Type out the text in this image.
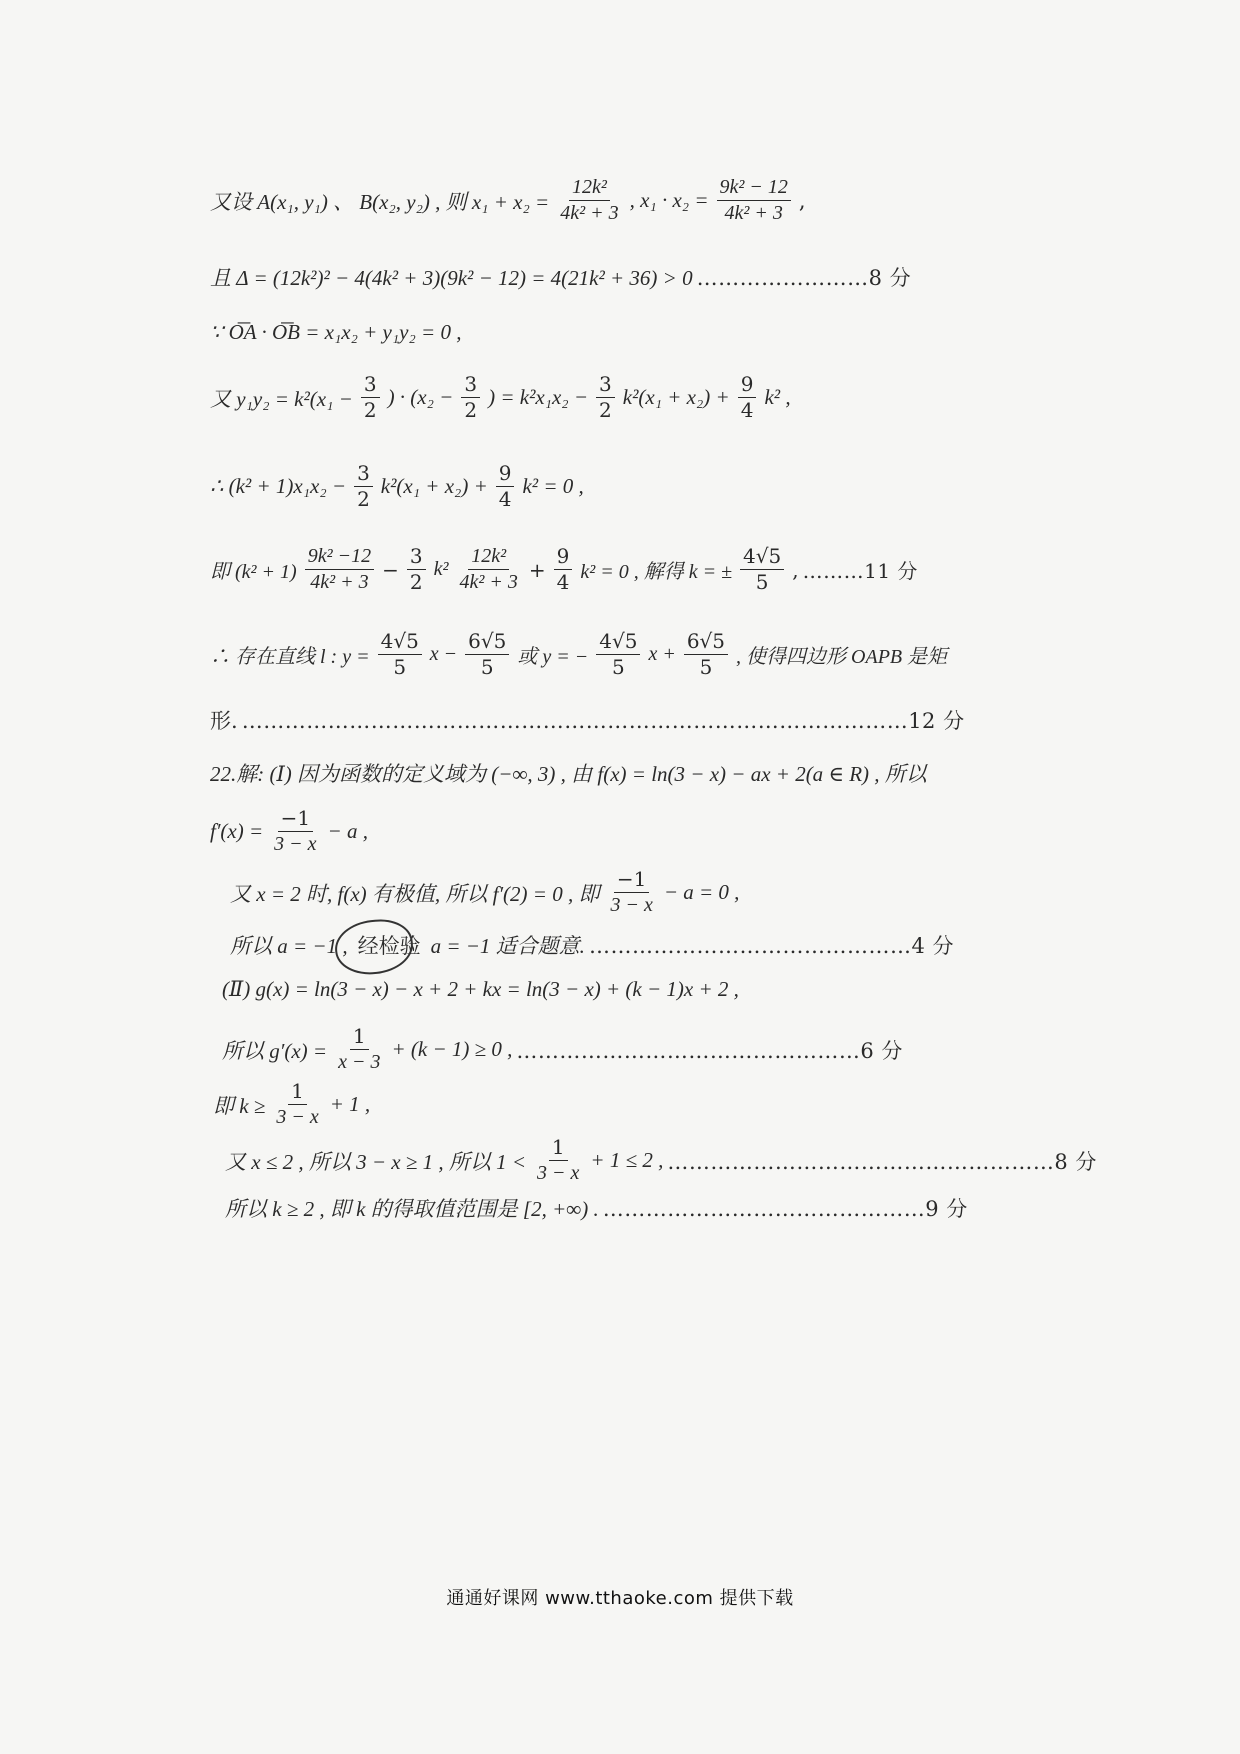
又设 A(x₁, y₁) 、 B(x₂, y₂) , 则 $x_1 + x_2 = \frac{\text{12k²}}{\text{4k² + 3}}$ , $x_1 \cdot x_2 = \frac{\text{9k² − 12}}{\text{4k² + 3}}$ ,
且 Δ = (12k²)² − 4(4k² + 3)(9k² − 12) = 4(21k² + 36) > 0 ……………………8 分
∵ O͞A · O͞B = x₁x₂ + y₁y₂ = 0 ,
又 $y_1y_2 = k^2(x_1 - \frac{3}{2}$ ) · ($x_2 - \frac{3}{2}$ ) = $k^2x_1x_2 - \frac{3}{2} k^2(x_1 + x_2) + \frac{9}{4} k^2$ ,
∴ $(k^2 + 1)x_1x_2 - \frac{3}{2} k^2(x_1 + x_2) + \frac{9}{4} k^2 = 0$ ,
即 $(k^2 + 1) \frac{\text{9k² −12}}{\text{4k² + 3}} - \frac{3}{2} k^2 \frac{\text{12k²}}{\text{4k² + 3}} + \frac{9}{4} k^2 = 0$ , 解得 k = ± $\frac{4√5}{5}$ , ………11 分
∴ 存在直线 l : $y = \frac{4√5}{5}$ $x - \frac{6√5}{5}$ 或 y = − $\frac{4√5}{5}$ $x + \frac{6√5}{5}$ , 使得四边形 OAPB 是矩
形. …………………………………………………………………………………12 分
22.解: (Ⅰ) 因为函数的定义域为 (−∞, 3) , 由 f(x) = ln(3 − x) − ax + 2(a ∈ R) , 所以
$f'(x) = \frac{-1}{3 - x} - a$ ,
又 x = 2 时, f(x) 有极值, 所以 f′(2) = 0 , 即 $\frac{-1}{3 - x} - a = 0$ ,
所以 a = −1 , 经检验 a = −1 适合题意. ………………………………………4 分
(Ⅱ) g(x) = ln(3 − x) − x + 2 + kx = ln(3 − x) + (k − 1)x + 2 ,
所以 $g'(x) = \frac{1}{x - 3} + (k - 1) \ge 0$ , …………………………………………6 分
即 $k \ge \frac{1}{3 - x} + 1$ ,
又 x ≤ 2 , 所以 3 − x ≥ 1 , 所以 $1 < \frac{1}{3 - x} + 1 \le 2$ , ………………………………………………8 分
所以 k ≥ 2 , 即 k 的得取值范围是 [2, +∞) . ………………………………………9 分
通通好课网 www.tthaoke.com 提供下载
